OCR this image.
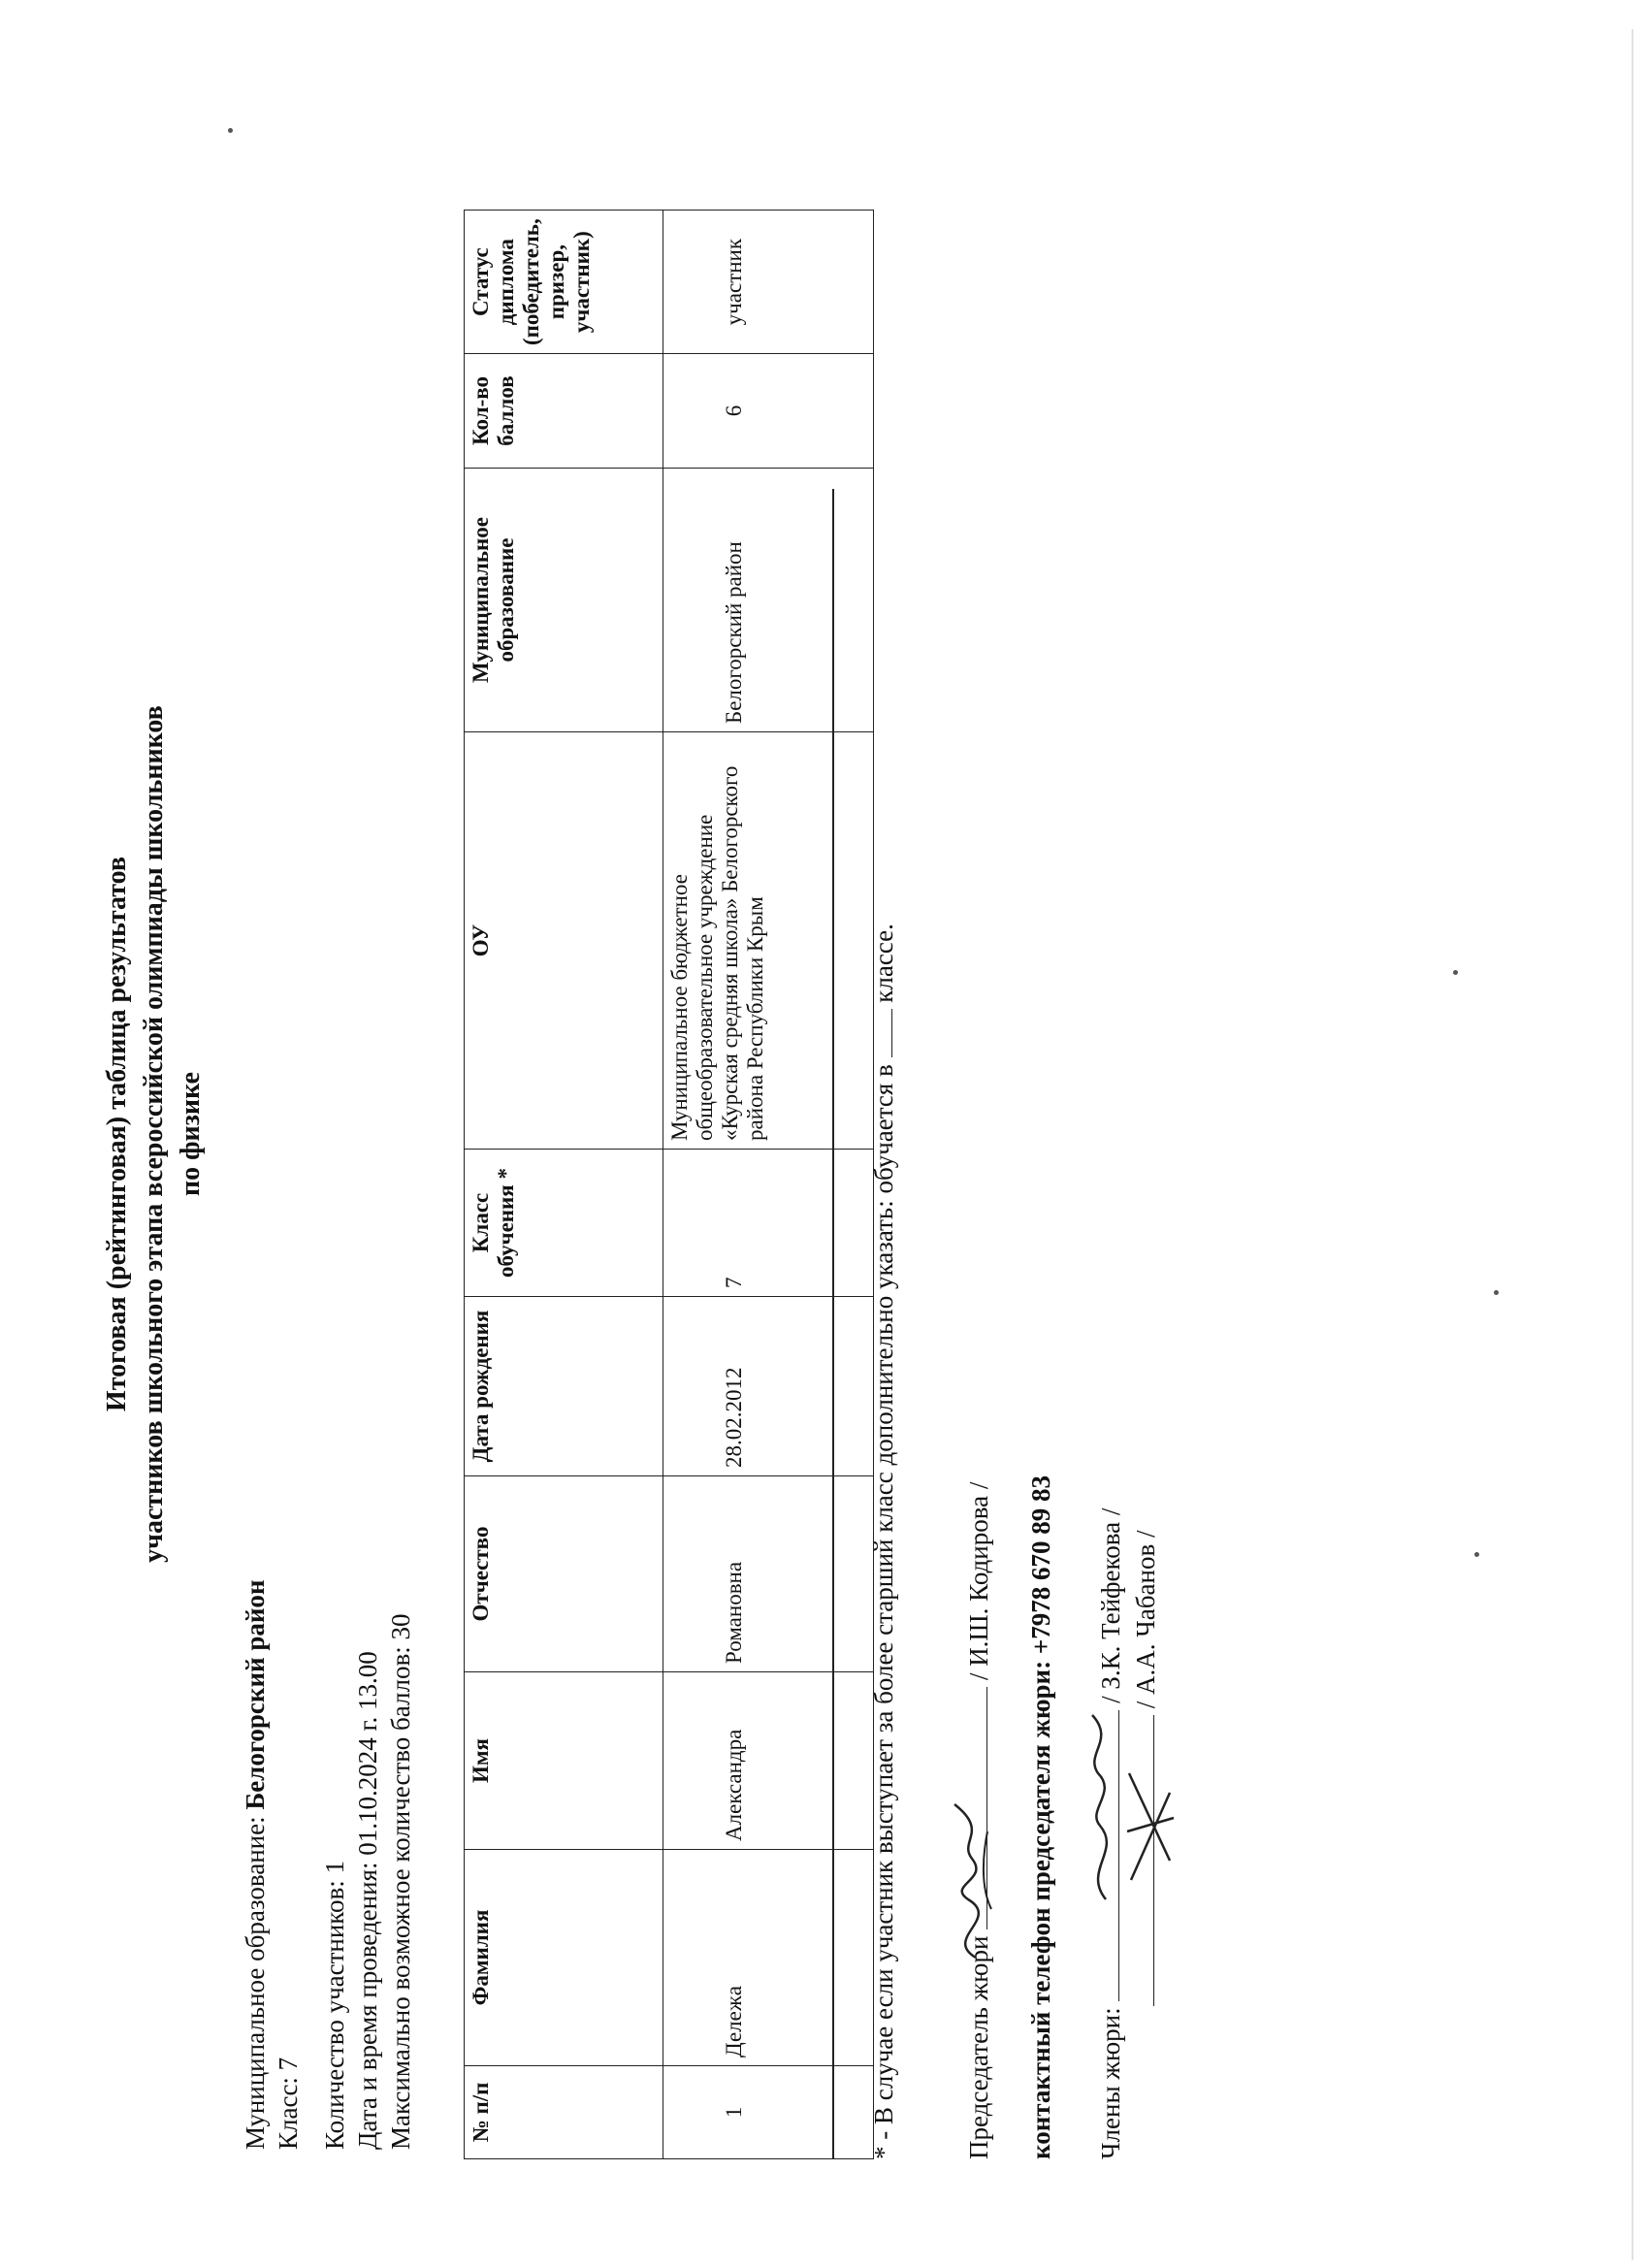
Итоговая (рейтинговая) таблица результатов участников школьного этапа всероссийской олимпиады школьников по физике
Муниципальное образование: Белогорский район
Класс: 7 Количество участников: 1 Дата и время проведения: 01.10.2024 г. 13.00 Максимально возможное количество баллов: 30 № п/п	Фамилия	Имя	Отчество	Дата рождения	Класс обучения *	ОУ	Муниципальное образование	Кол-во баллов	Статус диплома (победитель, призер, участник)
1	Дележа	Александра	Романовна	28.02.2012	7	Муниципальное бюджетное общеобразовательное учреждение «Курская средняя школа» Белогорского района Республики Крым	Белогорский район	6	участник
* - В случае если участник выступает за более старший класс дополнительно указать: обучается в  классе.
Председатель жюри  / И.Ш. Кодирова /
контактный телефон председателя жюри: +7978 670 89 83
Члены жюри:  / З.К. Тейфекова / / А.А. Чабанов /
